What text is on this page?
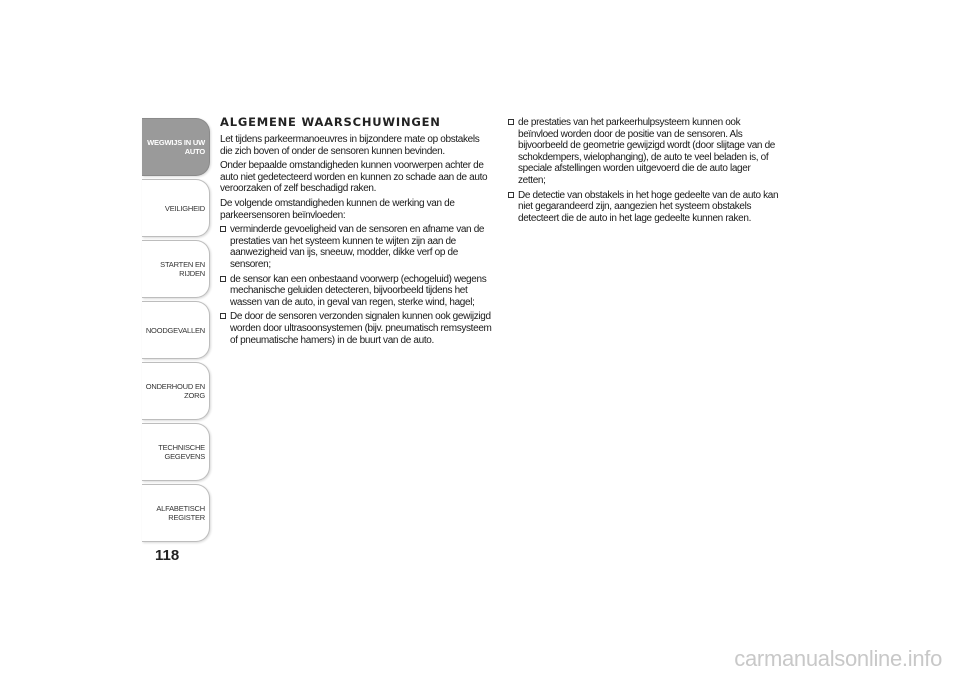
WEGWIJS IN UW AUTO
VEILIGHEID
STARTEN EN RIJDEN
NOODGEVALLEN
ONDERHOUD EN ZORG
TECHNISCHE GEGEVENS
ALFABETISCH REGISTER
118
ALGEMENE WAARSCHUWINGEN

Let tijdens parkeermanoeuvres in bijzondere mate op obstakels die zich boven of onder de sensoren kunnen bevinden.

Onder bepaalde omstandigheden kunnen voorwerpen achter de auto niet gedetecteerd worden en kunnen zo schade aan de auto veroorzaken of zelf beschadigd raken.

De volgende omstandigheden kunnen de werking van de parkeersensoren beïnvloeden:

verminderde gevoeligheid van de sensoren en afname van de prestaties van het systeem kunnen te wijten zijn aan de aanwezigheid van ijs, sneeuw, modder, dikke verf op de sensoren;
de sensor kan een onbestaand voorwerp (echogeluid) wegens mechanische geluiden detecteren, bijvoorbeeld tijdens het wassen van de auto, in geval van regen, sterke wind, hagel;
De door de sensoren verzonden signalen kunnen ook gewijzigd worden door ultrasoonsystemen (bijv. pneumatisch remsysteem of pneumatische hamers) in de buurt van de auto.
de prestaties van het parkeerhulpsysteem kunnen ook beïnvloed worden door de positie van de sensoren. Als bijvoorbeeld de geometrie gewijzigd wordt (door slijtage van de schokdempers, wielophanging), de auto te veel beladen is, of speciale afstellingen worden uitgevoerd die de auto lager zetten;
De detectie van obstakels in het hoge gedeelte van de auto kan niet gegarandeerd zijn, aangezien het systeem obstakels detecteert die de auto in het lage gedeelte kunnen raken.
carmanualsonline.info
